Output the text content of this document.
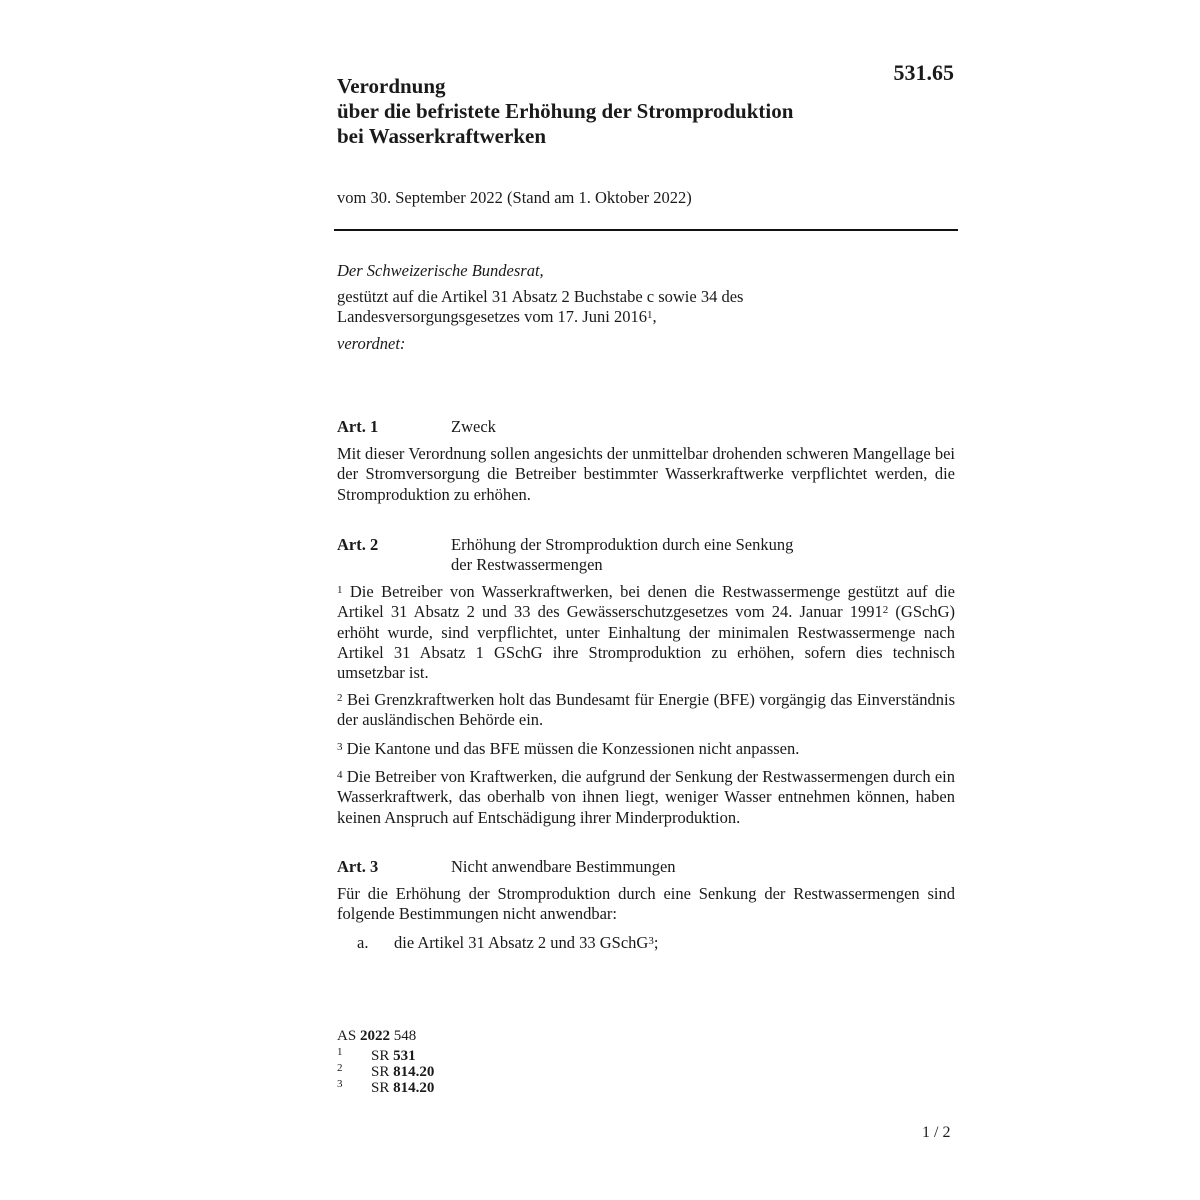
531.65
Verordnung
über die befristete Erhöhung der Stromproduktion
bei Wasserkraftwerken
vom 30. September 2022 (Stand am 1. Oktober 2022)
Der Schweizerische Bundesrat,
gestützt auf die Artikel 31 Absatz 2 Buchstabe c sowie 34 des
Landesversorgungsgesetzes vom 17. Juni 2016$^1$,
verordnet:
Art. 1	Zweck
Mit dieser Verordnung sollen angesichts der unmittelbar drohenden schweren Mangellage bei der Stromversorgung die Betreiber bestimmter Wasserkraftwerke verpflichtet werden, die Stromproduktion zu erhöhen.
Art. 2	Erhöhung der Stromproduktion durch eine Senkung
der Restwassermengen
$^1$ Die Betreiber von Wasserkraftwerken, bei denen die Restwassermenge gestützt auf die Artikel 31 Absatz 2 und 33 des Gewässerschutzgesetzes vom 24. Januar 1991$^2$ (GSchG) erhöht wurde, sind verpflichtet, unter Einhaltung der minimalen Restwassermenge nach Artikel 31 Absatz 1 GSchG ihre Stromproduktion zu erhöhen, sofern dies technisch umsetzbar ist.
$^2$ Bei Grenzkraftwerken holt das Bundesamt für Energie (BFE) vorgängig das Einverständnis der ausländischen Behörde ein.
$^3$ Die Kantone und das BFE müssen die Konzessionen nicht anpassen.
$^4$ Die Betreiber von Kraftwerken, die aufgrund der Senkung der Restwassermengen durch ein Wasserkraftwerk, das oberhalb von ihnen liegt, weniger Wasser entnehmen können, haben keinen Anspruch auf Entschädigung ihrer Minderproduktion.
Art. 3	Nicht anwendbare Bestimmungen
Für die Erhöhung der Stromproduktion durch eine Senkung der Restwassermengen sind folgende Bestimmungen nicht anwendbar:
a. die Artikel 31 Absatz 2 und 33 GSchG$^3$;
AS 2022 548
1 SR 531
2 SR 814.20
3 SR 814.20
1 / 2
